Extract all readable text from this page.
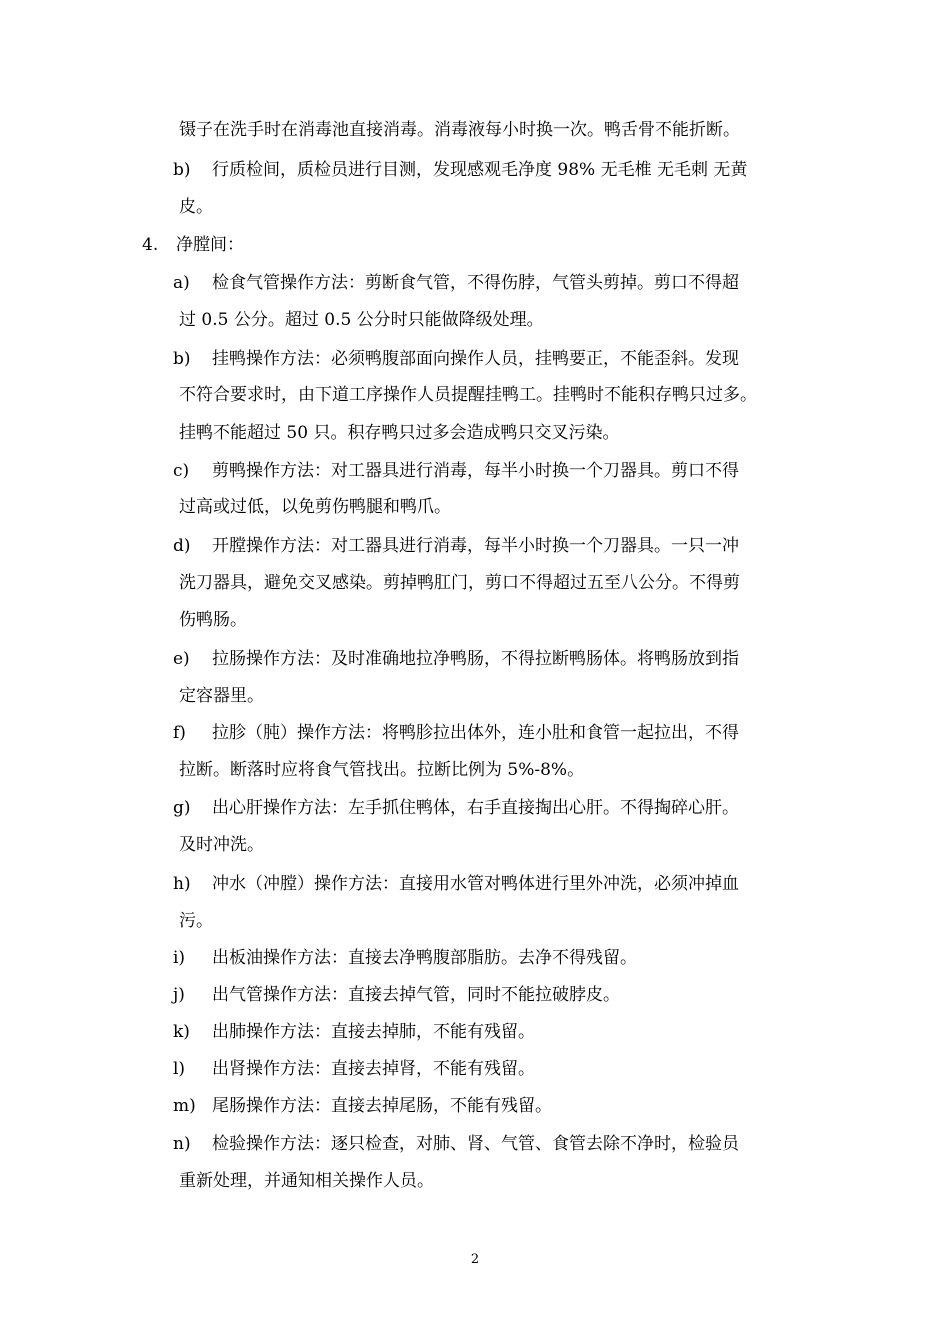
镊子在洗手时在消毒池直接消毒。消毒液每小时换一次。鸭舌骨不能折断。
b) 行质检间，质检员进行目测，发现感观毛净度 98% 无毛椎 无毛刺 无黄
皮。
4. 净膛间：
a) 检食气管操作方法：剪断食气管，不得伤脖，气管头剪掉。剪口不得超
过 0.5 公分。超过 0.5 公分时只能做降级处理。
b) 挂鸭操作方法：必须鸭腹部面向操作人员，挂鸭要正，不能歪斜。发现
不符合要求时，由下道工序操作人员提醒挂鸭工。挂鸭时不能积存鸭只过多。
挂鸭不能超过 50 只。积存鸭只过多会造成鸭只交叉污染。
c) 剪鸭操作方法：对工器具进行消毒，每半小时换一个刀器具。剪口不得
过高或过低，以免剪伤鸭腿和鸭爪。
d) 开膛操作方法：对工器具进行消毒，每半小时换一个刀器具。一只一冲
洗刀器具，避免交叉感染。剪掉鸭肛门，剪口不得超过五至八公分。不得剪
伤鸭肠。
e) 拉肠操作方法：及时准确地拉净鸭肠，不得拉断鸭肠体。将鸭肠放到指
定容器里。
f) 拉胗（肫）操作方法：将鸭胗拉出体外，连小肚和食管一起拉出，不得
拉断。断落时应将食气管找出。拉断比例为 5%-8%。
g) 出心肝操作方法：左手抓住鸭体，右手直接掏出心肝。不得掏碎心肝。
及时冲洗。
h) 冲水（冲膛）操作方法：直接用水管对鸭体进行里外冲洗，必须冲掉血
污。
i) 出板油操作方法：直接去净鸭腹部脂肪。去净不得残留。
j) 出气管操作方法：直接去掉气管，同时不能拉破脖皮。
k) 出肺操作方法：直接去掉肺，不能有残留。
l) 出肾操作方法：直接去掉肾，不能有残留。
m) 尾肠操作方法：直接去掉尾肠，不能有残留。
n) 检验操作方法：逐只检查，对肺、肾、气管、食管去除不净时，检验员
重新处理，并通知相关操作人员。
2
